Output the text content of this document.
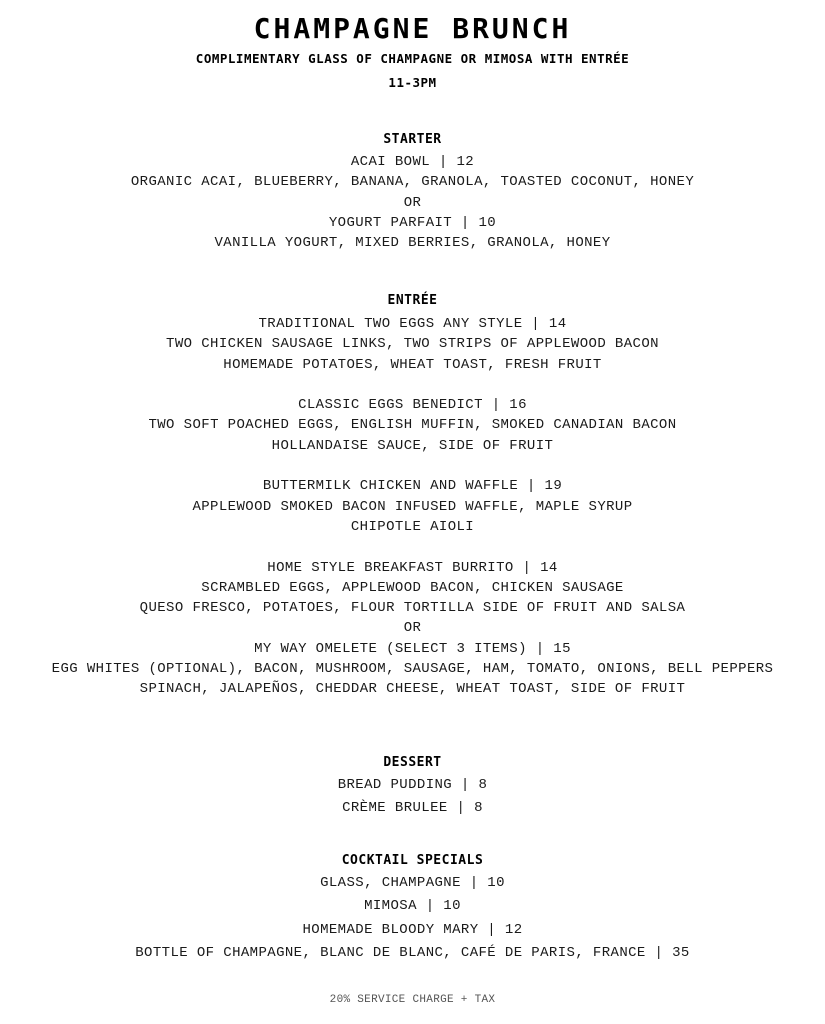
CHAMPAGNE BRUNCH
COMPLIMENTARY GLASS OF CHAMPAGNE OR MIMOSA WITH ENTRÉE
11-3PM
STARTER
ACAI BOWL | 12
ORGANIC ACAI, BLUEBERRY, BANANA, GRANOLA, TOASTED COCONUT, HONEY
OR
YOGURT PARFAIT | 10
VANILLA YOGURT, MIXED BERRIES, GRANOLA, HONEY
ENTRÉE
TRADITIONAL TWO EGGS ANY STYLE | 14
TWO CHICKEN SAUSAGE LINKS, TWO STRIPS OF APPLEWOOD BACON
HOMEMADE POTATOES, WHEAT TOAST, FRESH FRUIT
CLASSIC EGGS BENEDICT | 16
TWO SOFT POACHED EGGS, ENGLISH MUFFIN, SMOKED CANADIAN BACON
HOLLANDAISE SAUCE, SIDE OF FRUIT
BUTTERMILK CHICKEN AND WAFFLE | 19
APPLEWOOD SMOKED BACON INFUSED WAFFLE, MAPLE SYRUP
CHIPOTLE AIOLI
HOME STYLE BREAKFAST BURRITO | 14
SCRAMBLED EGGS, APPLEWOOD BACON, CHICKEN SAUSAGE
QUESO FRESCO, POTATOES, FLOUR TORTILLA SIDE OF FRUIT AND SALSA
OR
MY WAY OMELETE (SELECT 3 ITEMS) | 15
EGG WHITES (OPTIONAL), BACON, MUSHROOM, SAUSAGE, HAM, TOMATO, ONIONS, BELL PEPPERS
SPINACH, JALAPEÑOS, CHEDDAR CHEESE, WHEAT TOAST, SIDE OF FRUIT
DESSERT
BREAD PUDDING | 8
CRÈME BRULEE | 8
COCKTAIL SPECIALS
GLASS, CHAMPAGNE | 10
MIMOSA | 10
HOMEMADE BLOODY MARY | 12
BOTTLE OF CHAMPAGNE, BLANC DE BLANC, CAFÉ DE PARIS, FRANCE | 35
20% SERVICE CHARGE + TAX
